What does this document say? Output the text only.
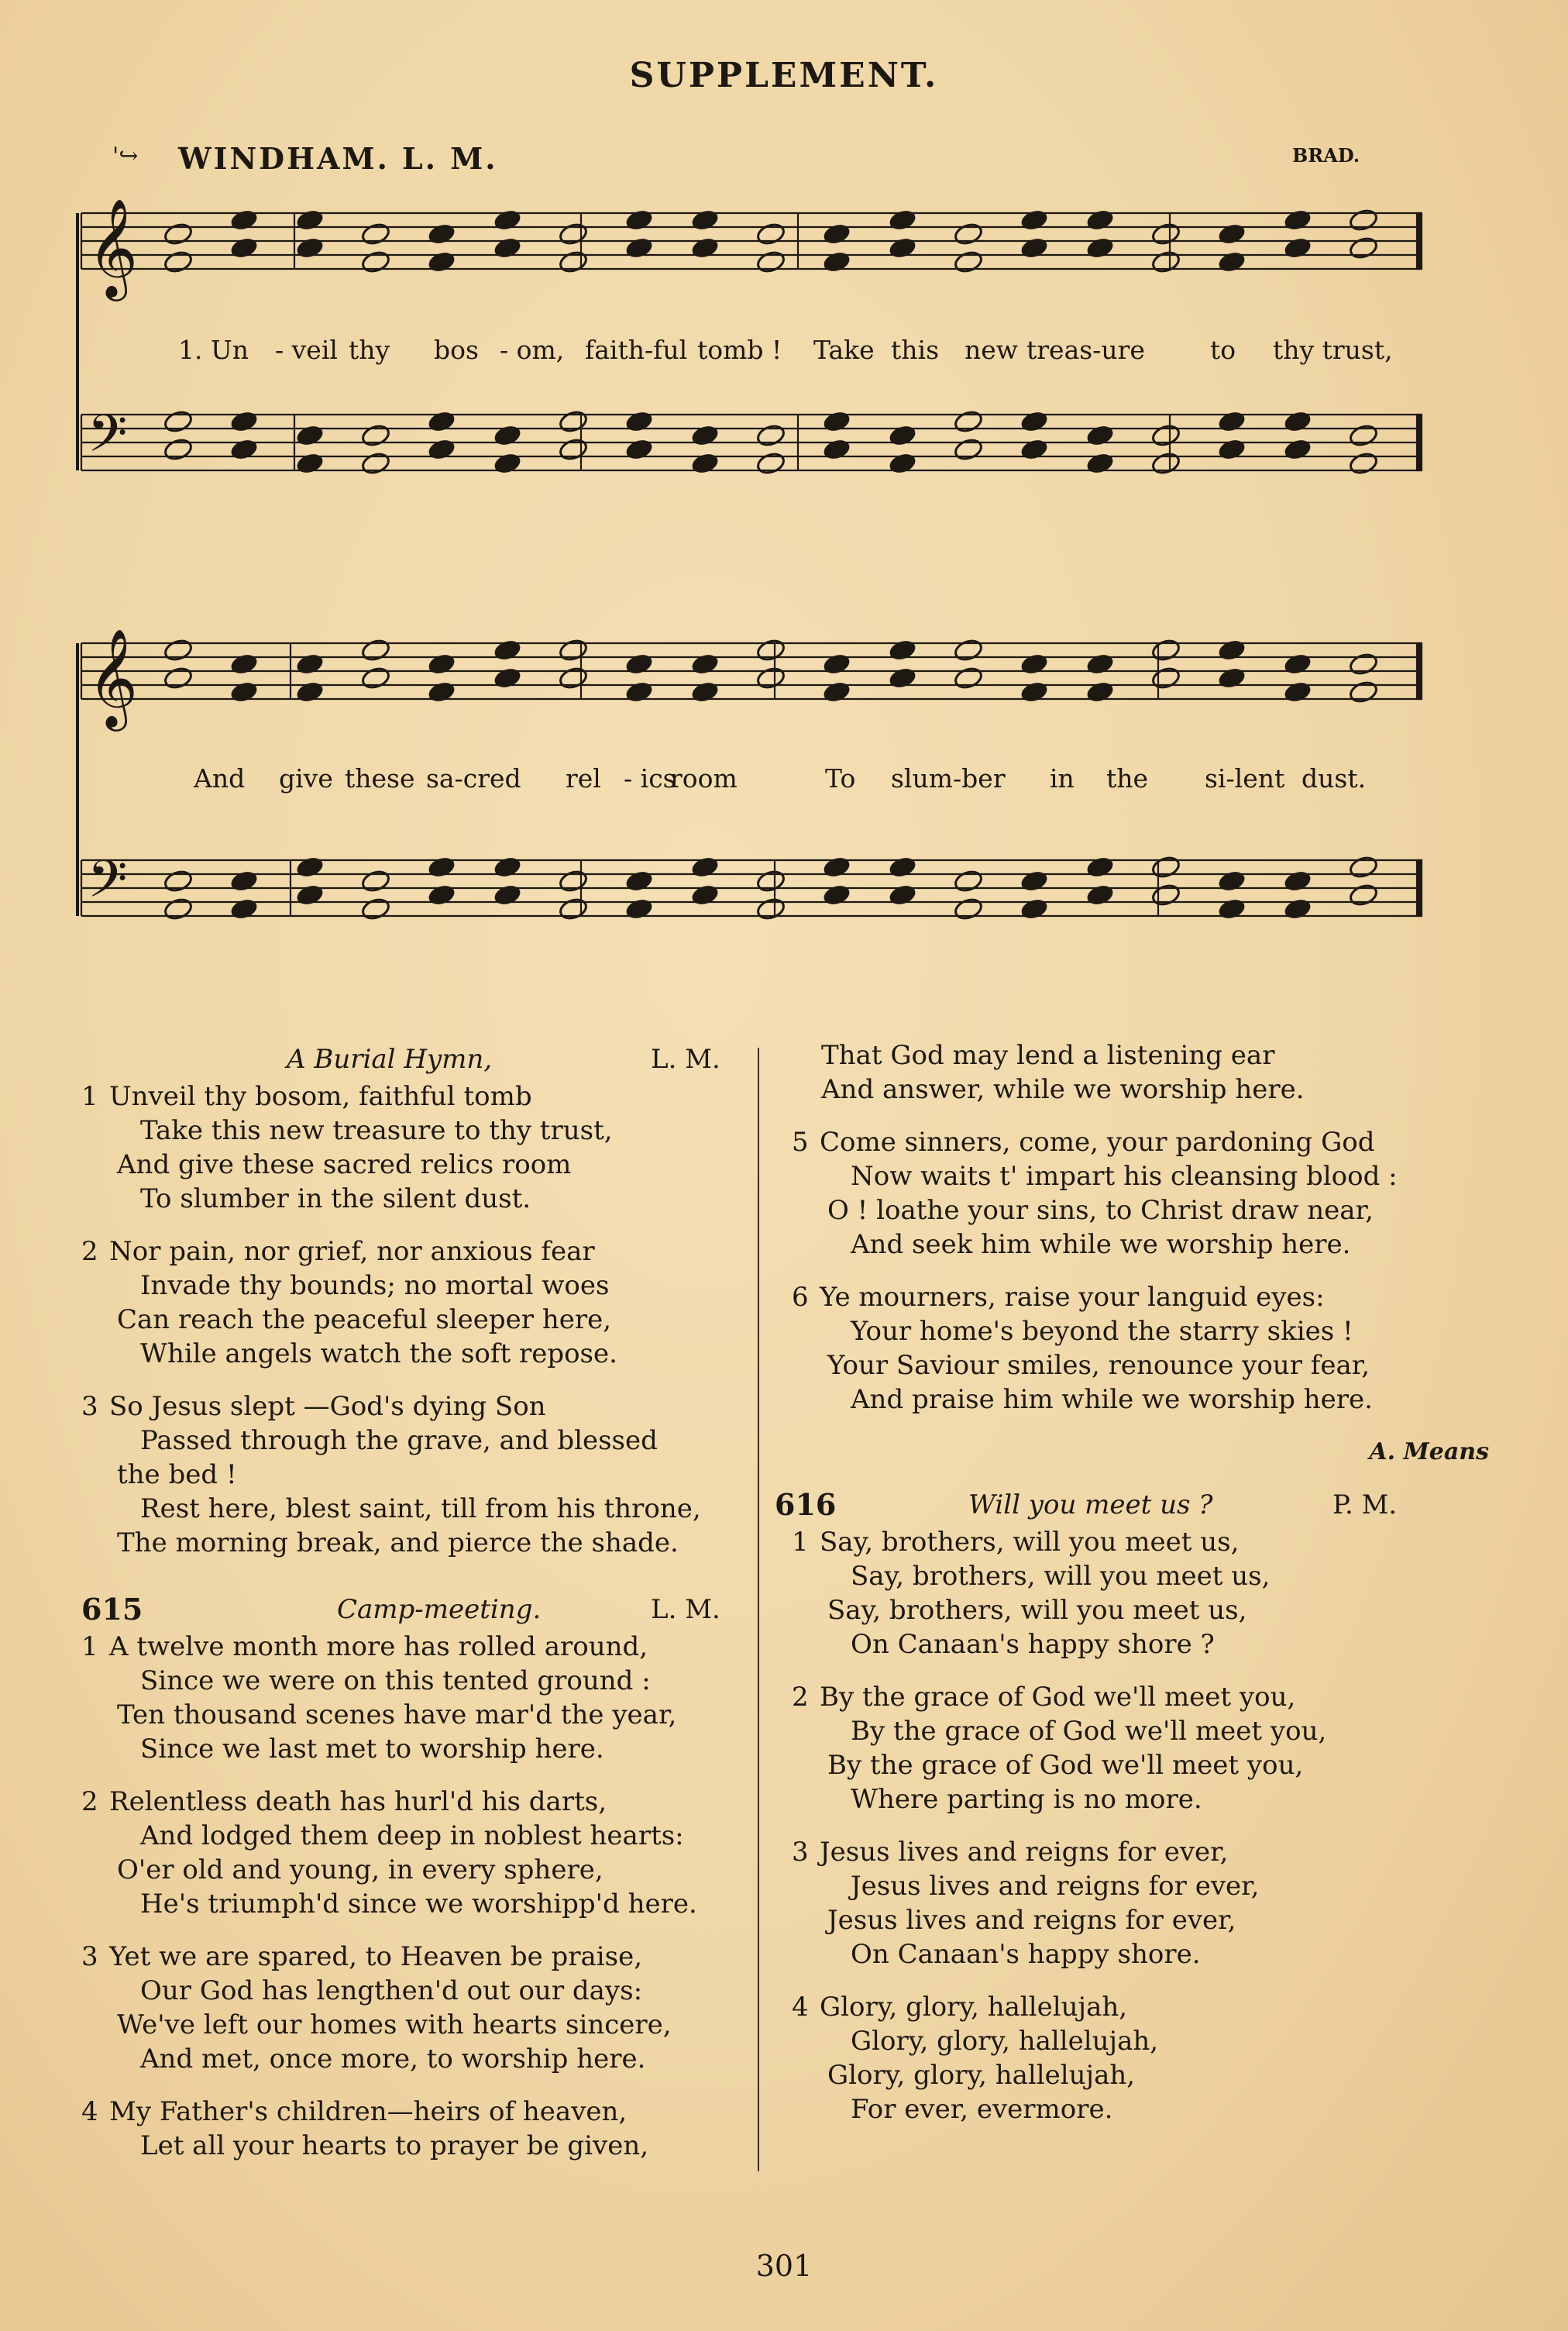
SUPPLEMENT.
'↪ WINDHAM. L. M.	BRAD.
𝄞
𝄢
𝄞
𝄢
1. Un - veil thy bos - om, faith-ful tomb ! Take this new treas-ure	to thy trust,
And give these sa-cred rel - ics
room	To slum-ber in the si-lent dust.
A Burial Hymn,	L. M.
1 Unveil thy bosom, faithful tomb
Take this new treasure to thy trust,
And give these sacred relics room
To slumber in the silent dust.
2 Nor pain, nor grief, nor anxious fear
Invade thy bounds; no mortal woes
Can reach the peaceful sleeper here,
While angels watch the soft repose.
3 So Jesus slept —God's dying Son
Passed through the grave, and blessed
the bed !
Rest here, blest saint, till from his throne,
The morning break, and pierce the shade.
615	Camp-meeting.	L. M.
1 A twelve month more has rolled around,
Since we were on this tented ground :
Ten thousand scenes have mar'd the year,
Since we last met to worship here.
2 Relentless death has hurl'd his darts,
And lodged them deep in noblest hearts:
O'er old and young, in every sphere,
He's triumph'd since we worshipp'd here.
3 Yet we are spared, to Heaven be praise,
Our God has lengthen'd out our days:
We've left our homes with hearts sincere,
And met, once more, to worship here.
4 My Father's children—heirs of heaven,
Let all your hearts to prayer be given,
That God may lend a listening ear
And answer, while we worship here.
5 Come sinners, come, your pardoning God
Now waits t' impart his cleansing blood :
O ! loathe your sins, to Christ draw near,
And seek him while we worship here.
6 Ye mourners, raise your languid eyes:
Your home's beyond the starry skies !
Your Saviour smiles, renounce your fear,
And praise him while we worship here.
A. Means
616	Will you meet us ?	P. M.
1 Say, brothers, will you meet us,
Say, brothers, will you meet us,
Say, brothers, will you meet us,
On Canaan's happy shore ?
2 By the grace of God we'll meet you,
By the grace of God we'll meet you,
By the grace of God we'll meet you,
Where parting is no more.
3 Jesus lives and reigns for ever,
Jesus lives and reigns for ever,
Jesus lives and reigns for ever,
On Canaan's happy shore.
4 Glory, glory, hallelujah,
Glory, glory, hallelujah,
Glory, glory, hallelujah,
For ever, evermore.
301
